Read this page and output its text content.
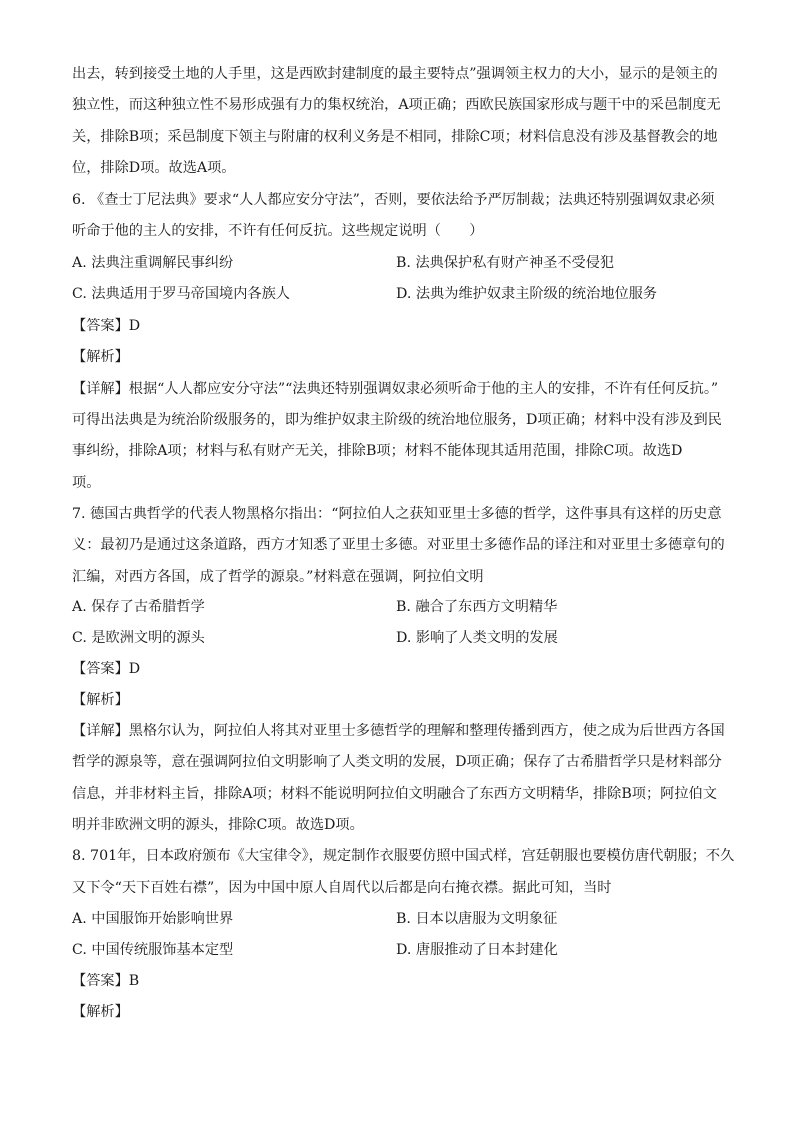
出去，转到接受土地的人手里，这是西欧封建制度的最主要特点”强调领主权力的大小，显示的是领主的
独立性，而这种独立性不易形成强有力的集权统治，A项正确；西欧民族国家形成与题干中的采邑制度无
关，排除B项；采邑制度下领主与附庸的权利义务是不相同，排除C项；材料信息没有涉及基督教会的地
位，排除D项。故选A项。
6. 《查士丁尼法典》要求“人人都应安分守法”，否则，要依法给予严厉制裁；法典还特别强调奴隶必须
听命于他的主人的安排，不许有任何反抗。这些规定说明（　　）
A. 法典注重调解民事纠纷	B. 法典保护私有财产神圣不受侵犯
C. 法典适用于罗马帝国境内各族人	D. 法典为维护奴隶主阶级的统治地位服务
【答案】D
【解析】
【详解】根据“人人都应安分守法”“法典还特别强调奴隶必须听命于他的主人的安排，不许有任何反抗。”
可得出法典是为统治阶级服务的，即为维护奴隶主阶级的统治地位服务，D项正确；材料中没有涉及到民
事纠纷，排除A项；材料与私有财产无关，排除B项；材料不能体现其适用范围，排除C项。故选D
项。
7. 德国古典哲学的代表人物黑格尔指出：“阿拉伯人之获知亚里士多德的哲学，这件事具有这样的历史意
义：最初乃是通过这条道路，西方才知悉了亚里士多德。对亚里士多德作品的译注和对亚里士多德章句的
汇编，对西方各国，成了哲学的源泉。”材料意在强调，阿拉伯文明
A. 保存了古希腊哲学	B. 融合了东西方文明精华
C. 是欧洲文明的源头	D. 影响了人类文明的发展
【答案】D
【解析】
【详解】黑格尔认为，阿拉伯人将其对亚里士多德哲学的理解和整理传播到西方，使之成为后世西方各国
哲学的源泉等，意在强调阿拉伯文明影响了人类文明的发展，D项正确；保存了古希腊哲学只是材料部分
信息，并非材料主旨，排除A项；材料不能说明阿拉伯文明融合了东西方文明精华，排除B项；阿拉伯文
明并非欧洲文明的源头，排除C项。故选D项。
8. 701年，日本政府颁布《大宝律令》，规定制作衣服要仿照中国式样，宫廷朝服也要模仿唐代朝服；不久
又下令“天下百姓右襟”，因为中国中原人自周代以后都是向右掩衣襟。据此可知，当时
A. 中国服饰开始影响世界	B. 日本以唐服为文明象征
C. 中国传统服饰基本定型	D. 唐服推动了日本封建化
【答案】B
【解析】
